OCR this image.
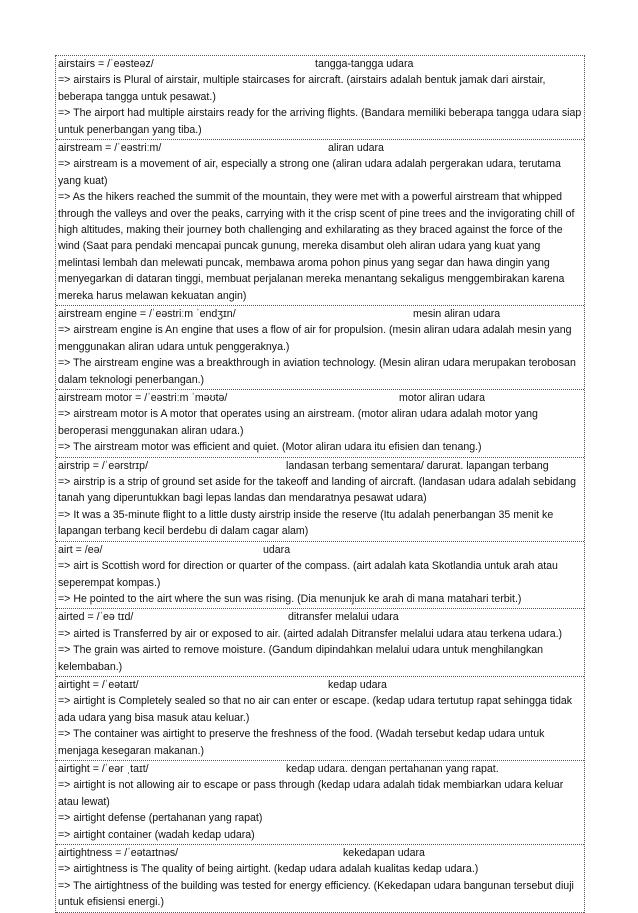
airstairs = /ˈeəsteəz/	tangga-tangga udara
=> airstairs is Plural of airstair, multiple staircases for aircraft. (airstairs adalah bentuk jamak dari airstair, beberapa tangga untuk pesawat.)
=> The airport had multiple airstairs ready for the arriving flights. (Bandara memiliki beberapa tangga udara siap untuk penerbangan yang tiba.)
airstream = /ˈeəstriːm/	aliran udara
=> airstream is a movement of air, especially a strong one (aliran udara adalah pergerakan udara, terutama yang kuat)
=> As the hikers reached the summit of the mountain, they were met with a powerful airstream that whipped through the valleys and over the peaks, carrying with it the crisp scent of pine trees and the invigorating chill of high altitudes, making their journey both challenging and exhilarating as they braced against the force of the wind (Saat para pendaki mencapai puncak gunung, mereka disambut oleh aliran udara yang kuat yang melintasi lembah dan melewati puncak, membawa aroma pohon pinus yang segar dan hawa dingin yang menyegarkan di dataran tinggi, membuat perjalanan mereka menantang sekaligus menggembirakan karena mereka harus melawan kekuatan angin)
airstream engine = /ˈeəstriːm ˈendʒɪn/	mesin aliran udara
=> airstream engine is An engine that uses a flow of air for propulsion. (mesin aliran udara adalah mesin yang menggunakan aliran udara untuk penggeraknya.)
=> The airstream engine was a breakthrough in aviation technology. (Mesin aliran udara merupakan terobosan dalam teknologi penerbangan.)
airstream motor = /ˈeəstriːm ˈməʊtə/	motor aliran udara
=> airstream motor is A motor that operates using an airstream. (motor aliran udara adalah motor yang beroperasi menggunakan aliran udara.)
=> The airstream motor was efficient and quiet. (Motor aliran udara itu efisien dan tenang.)
airstrip = /ˈeərstrɪp/	landasan terbang sementara/ darurat. lapangan terbang
=> airstrip is a strip of ground set aside for the takeoff and landing of aircraft. (landasan udara adalah sebidang tanah yang diperuntukkan bagi lepas landas dan mendaratnya pesawat udara)
=> It was a 35-minute flight to a little dusty airstrip inside the reserve (Itu adalah penerbangan 35 menit ke lapangan terbang kecil berdebu di dalam cagar alam)
airt = /eə/	udara
=> airt is Scottish word for direction or quarter of the compass. (airt adalah kata Skotlandia untuk arah atau seperempat kompas.)
=> He pointed to the airt where the sun was rising. (Dia menunjuk ke arah di mana matahari terbit.)
airted = /ˈeə tɪd/	ditransfer melalui udara
=> airted is Transferred by air or exposed to air. (airted adalah Ditransfer melalui udara atau terkena udara.)
=> The grain was airted to remove moisture. (Gandum dipindahkan melalui udara untuk menghilangkan kelembaban.)
airtight = /ˈeətaɪt/	kedap udara
=> airtight is Completely sealed so that no air can enter or escape. (kedap udara tertutup rapat sehingga tidak ada udara yang bisa masuk atau keluar.)
=> The container was airtight to preserve the freshness of the food. (Wadah tersebut kedap udara untuk menjaga kesegaran makanan.)
airtight = /ˈeər ˌtaɪt/	kedap udara. dengan pertahanan yang rapat.
=> airtight is not allowing air to escape or pass through (kedap udara adalah tidak membiarkan udara keluar atau lewat)
=> airtight defense (pertahanan yang rapat)
=> airtight container (wadah kedap udara)
airtightness = /ˈeətaɪtnəs/	kekedapan udara
=> airtightness is The quality of being airtight. (kedap udara adalah kualitas kedap udara.)
=> The airtightness of the building was tested for energy efficiency. (Kekedapan udara bangunan tersebut diuji untuk efisiensi energi.)
